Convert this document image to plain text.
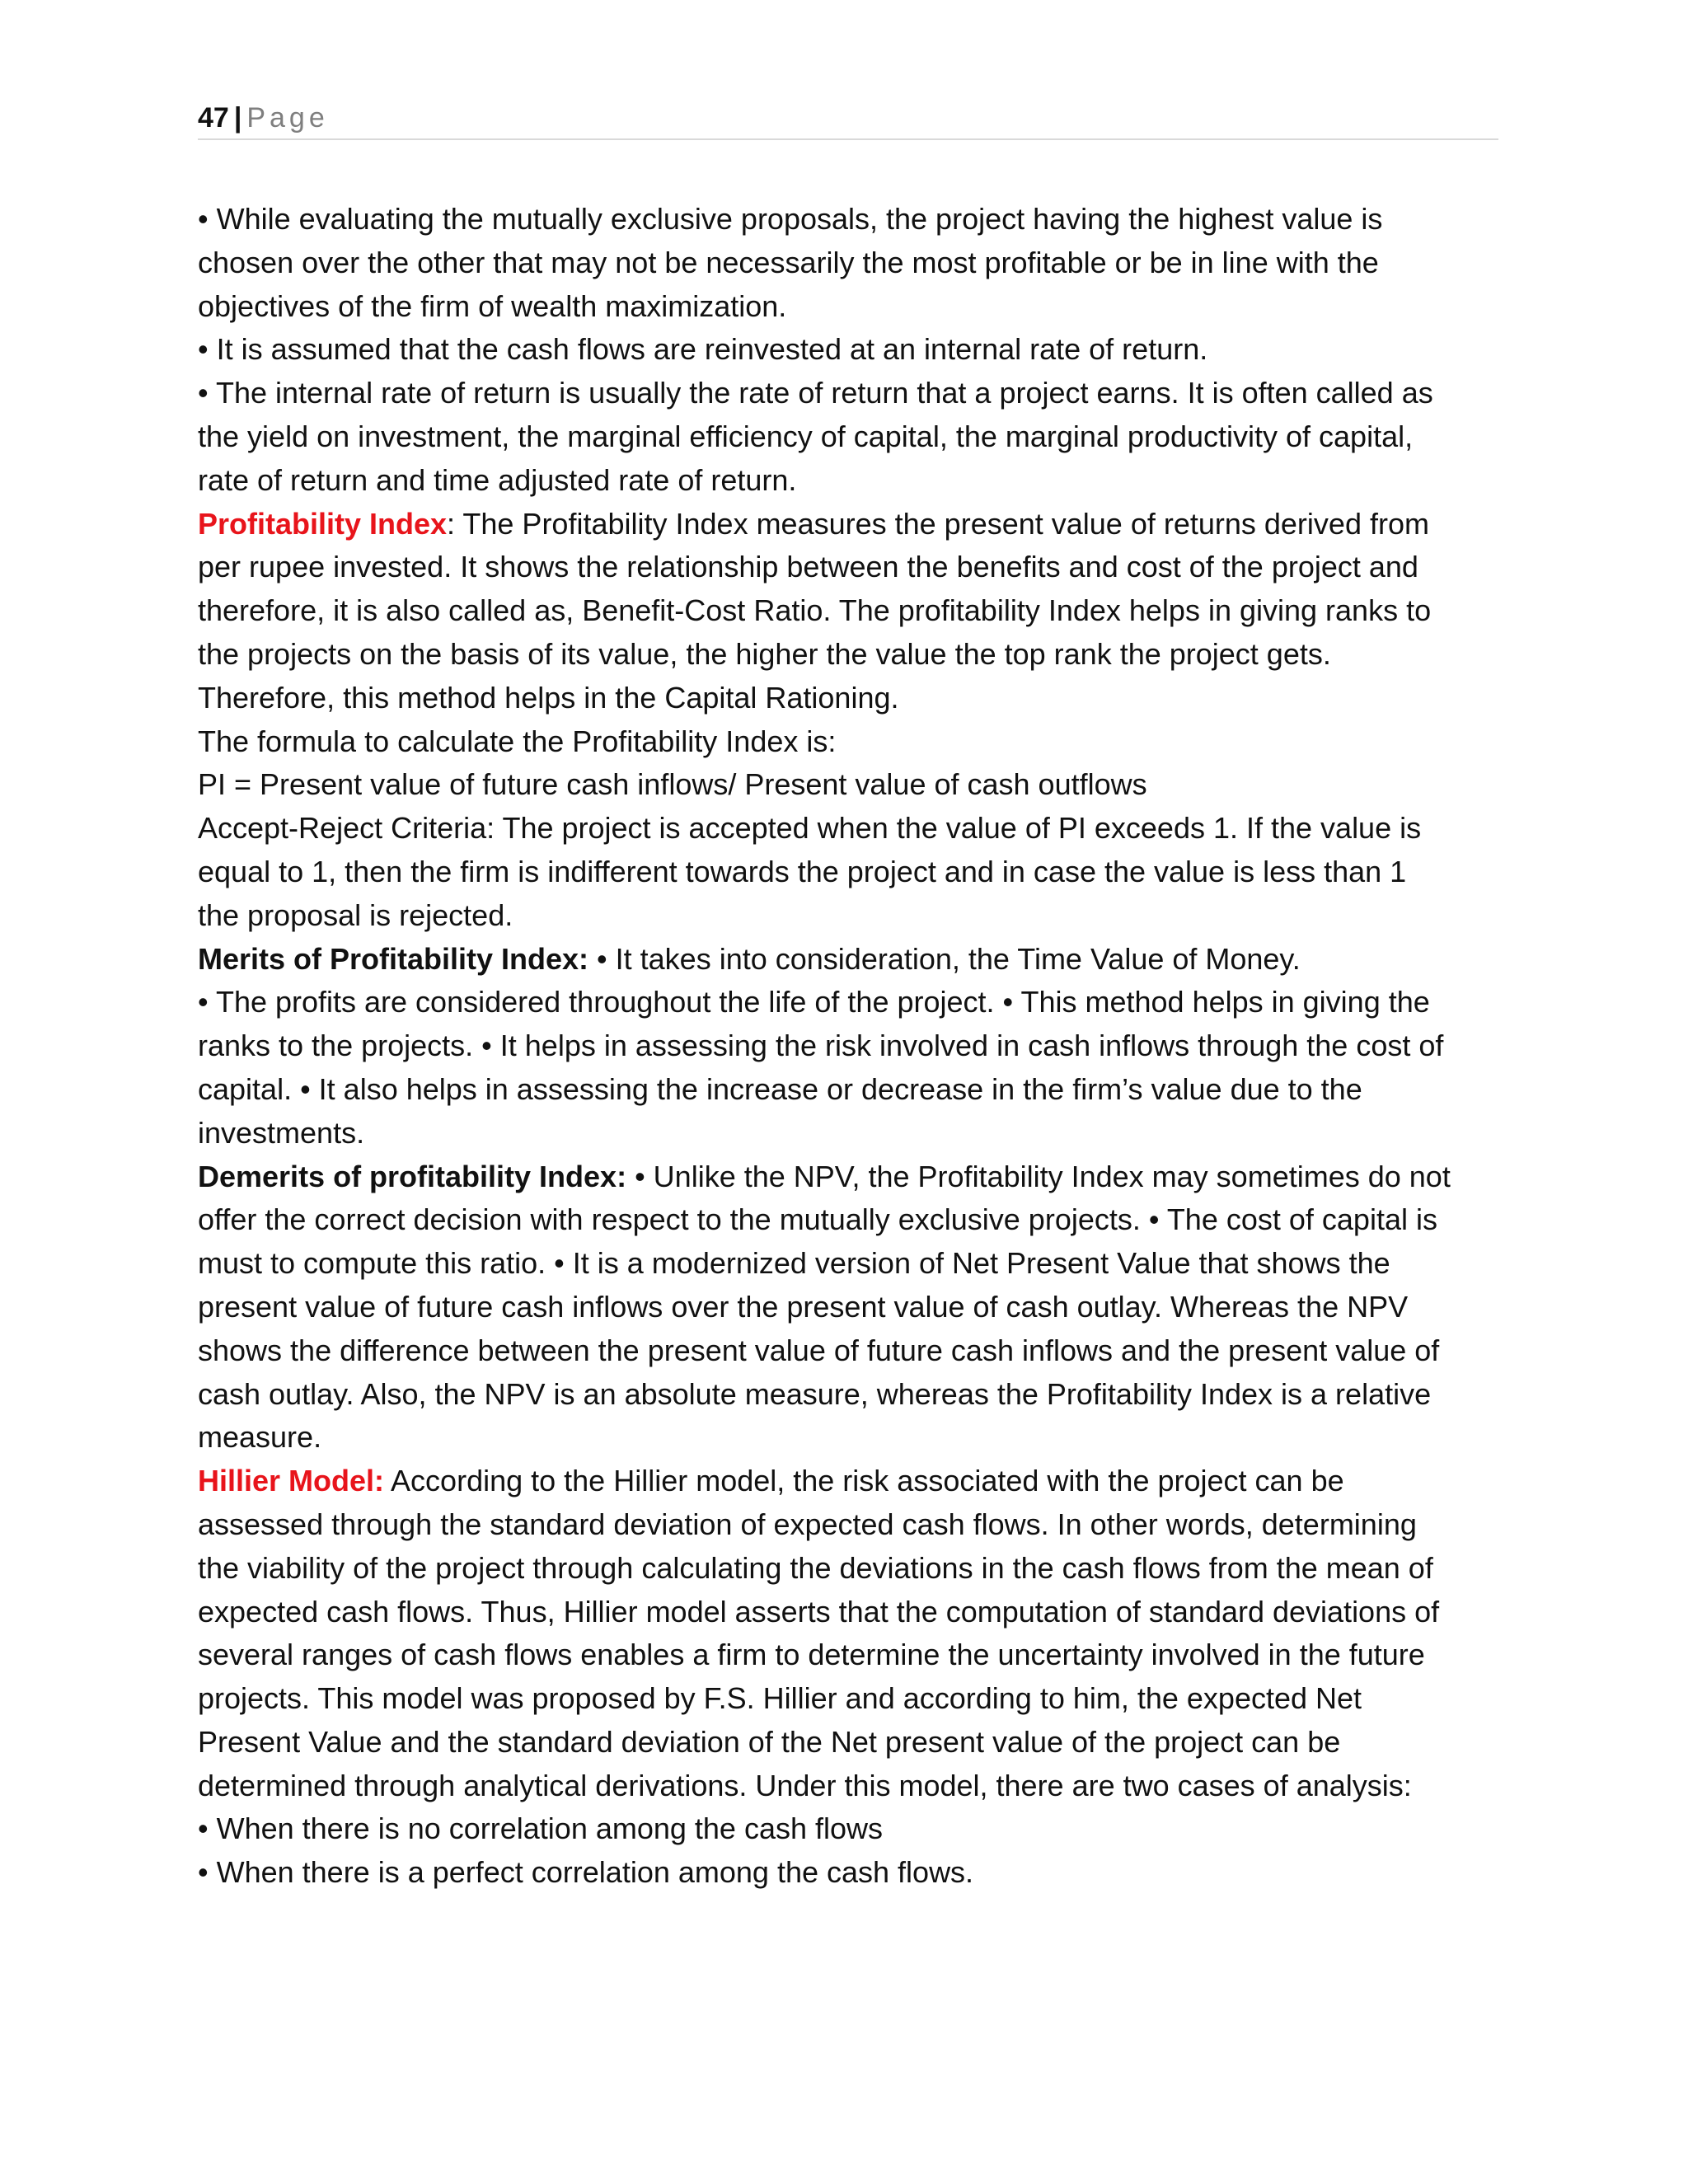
47 | Page
• While evaluating the mutually exclusive proposals, the project having the highest value is
chosen over the other that may not be necessarily the most profitable or be in line with the
objectives of the firm of wealth maximization.
• It is assumed that the cash flows are reinvested at an internal rate of return.
• The internal rate of return is usually the rate of return that a project earns. It is often called as
the yield on investment, the marginal efficiency of capital, the marginal productivity of capital,
rate of return and time adjusted rate of return.
Profitability Index: The Profitability Index measures the present value of returns derived from
per rupee invested. It shows the relationship between the benefits and cost of the project and
therefore, it is also called as, Benefit-Cost Ratio. The profitability Index helps in giving ranks to
the projects on the basis of its value, the higher the value the top rank the project gets.
Therefore, this method helps in the Capital Rationing.
The formula to calculate the Profitability Index is:
PI = Present value of future cash inflows/ Present value of cash outflows
Accept-Reject Criteria: The project is accepted when the value of PI exceeds 1. If the value is
equal to 1, then the firm is indifferent towards the project and in case the value is less than 1
the proposal is rejected.
Merits of Profitability Index: • It takes into consideration, the Time Value of Money.
• The profits are considered throughout the life of the project. • This method helps in giving the
ranks to the projects. • It helps in assessing the risk involved in cash inflows through the cost of
capital. • It also helps in assessing the increase or decrease in the firm’s value due to the
investments.
Demerits of profitability Index: • Unlike the NPV, the Profitability Index may sometimes do not
offer the correct decision with respect to the mutually exclusive projects. • The cost of capital is
must to compute this ratio. • It is a modernized version of Net Present Value that shows the
present value of future cash inflows over the present value of cash outlay. Whereas the NPV
shows the difference between the present value of future cash inflows and the present value of
cash outlay. Also, the NPV is an absolute measure, whereas the Profitability Index is a relative
measure.
Hillier Model: According to the Hillier model, the risk associated with the project can be
assessed through the standard deviation of expected cash flows. In other words, determining
the viability of the project through calculating the deviations in the cash flows from the mean of
expected cash flows. Thus, Hillier model asserts that the computation of standard deviations of
several ranges of cash flows enables a firm to determine the uncertainty involved in the future
projects. This model was proposed by F.S. Hillier and according to him, the expected Net
Present Value and the standard deviation of the Net present value of the project can be
determined through analytical derivations. Under this model, there are two cases of analysis:
• When there is no correlation among the cash flows
• When there is a perfect correlation among the cash flows.
